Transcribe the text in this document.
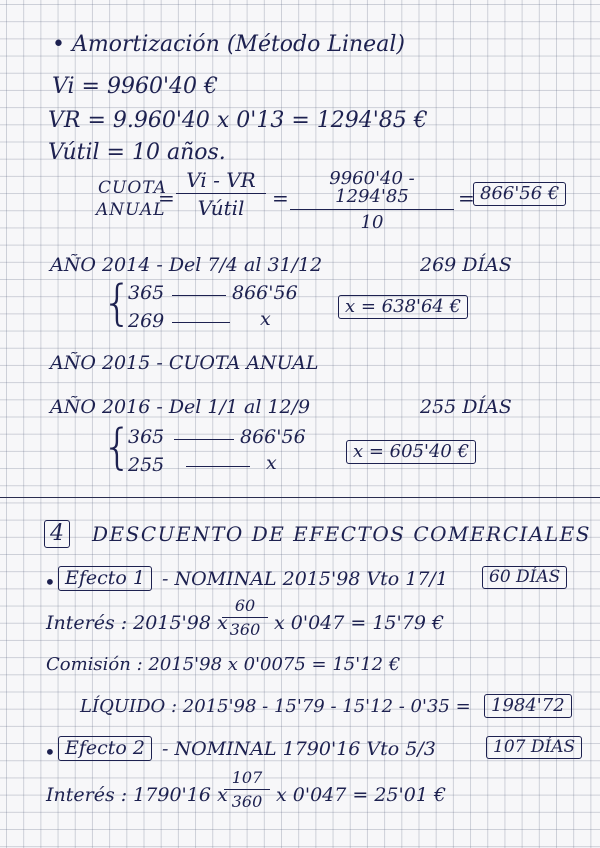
• Amortización (Método Lineal)
Vi = 9960'40 €
VR = 9.960'40 x 0'13 = 1294'85 €
Vútil = 10 años.
CUOTA
ANUAL
=
Vi - VR
Vútil	=
9960'40 - 1294'85
10
= 866'56 €
AÑO 2014 - Del 7/4 al 31/12	269 DÍAS
{
365	866'56
269	x
x = 638'64 €
AÑO 2015 - CUOTA ANUAL
AÑO 2016 - Del 1/1 al 12/9	255 DÍAS
{
365	866'56
255	x
x = 605'40 €
4	DESCUENTO DE EFECTOS COMERCIALES
• Efecto 1 - NOMINAL 2015'98 Vto 17/1	60 DÍAS
Interés : 2015'98 x
60
360 x 0'047 = 15'79 €
Comisión : 2015'98 x 0'0075 = 15'12 €
LÍQUIDO : 2015'98 - 15'79 - 15'12 - 0'35 =	1984'72
• Efecto 2 - NOMINAL 1790'16 Vto 5/3	107 DÍAS
Interés : 1790'16 x
107
360 x 0'047 = 25'01 €
